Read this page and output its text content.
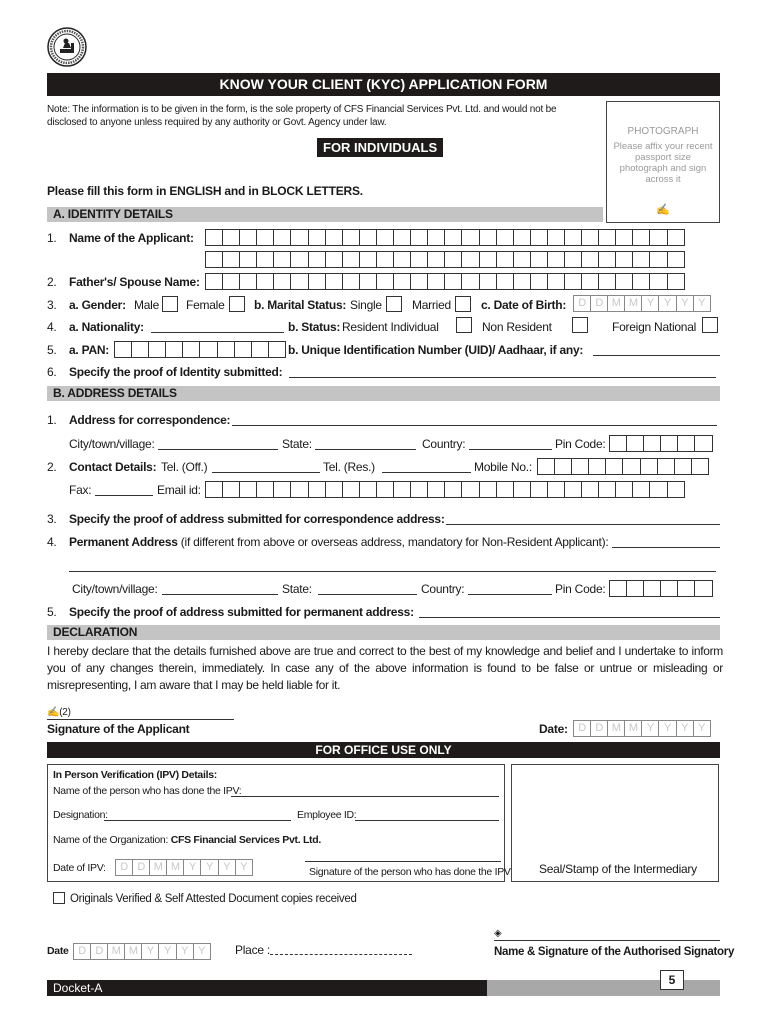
KNOW YOUR CLIENT (KYC) APPLICATION FORM
Note: The information is to be given in the form, is the sole property of CFS Financial Services Pvt. Ltd. and would not be
disclosed to anyone unless required by any authority or Govt. Agency under law.
FOR INDIVIDUALS
PHOTOGRAPH
Please affix your recent passport size photograph and sign across it
✍
Please fill this form in ENGLISH and in BLOCK LETTERS.
A. IDENTITY DETAILS
1. Name of the Applicant:
2. Father's/ Spouse Name:
3. a. Gender: Male Female b. Marital Status: Single	Married	c. Date of Birth:	D D M M Y Y Y Y
4. a. Nationality:	b. Status: Resident Individual	Non Resident	Foreign National
5. a. PAN:	b. Unique Identification Number (UID)/ Aadhaar, if any:
6. Specify the proof of Identity submitted:
B. ADDRESS DETAILS
1. Address for correspondence:
City/town/village:	State:	Country:	Pin Code:
2. Contact Details: Tel. (Off.)	Tel. (Res.)	Mobile No.:
Fax:	Email id:
3. Specify the proof of address submitted for correspondence address:
4. Permanent Address (if different from above or overseas address, mandatory for Non-Resident Applicant):
City/town/village:	State:	Country:	Pin Code:
5. Specify the proof of address submitted for permanent address:
DECLARATION
I hereby declare that the details furnished above are true and correct to the best of my knowledge and belief and I undertake to inform you of any changes therein, immediately. In case any of the above information is found to be false or untrue or misleading or misrepresenting, I am aware that I may be held liable for it.
✍(2)
Signature of the Applicant	Date: D D M M Y Y Y Y
FOR OFFICE USE ONLY
In Person Verification (IPV) Details:
Name of the person who has done the IPV:
Designation:	Employee ID:
Name of the Organization: CFS Financial Services Pvt. Ltd.
Date of IPV:	D D M M Y Y Y Y	Signature of the person who has done the IPV Seal/Stamp of the Intermediary
Originals Verified & Self Attested Document copies received
Date D D M M Y Y Y Y	Place :
◈
Name & Signature of the Authorised Signatory
Docket-A
5
